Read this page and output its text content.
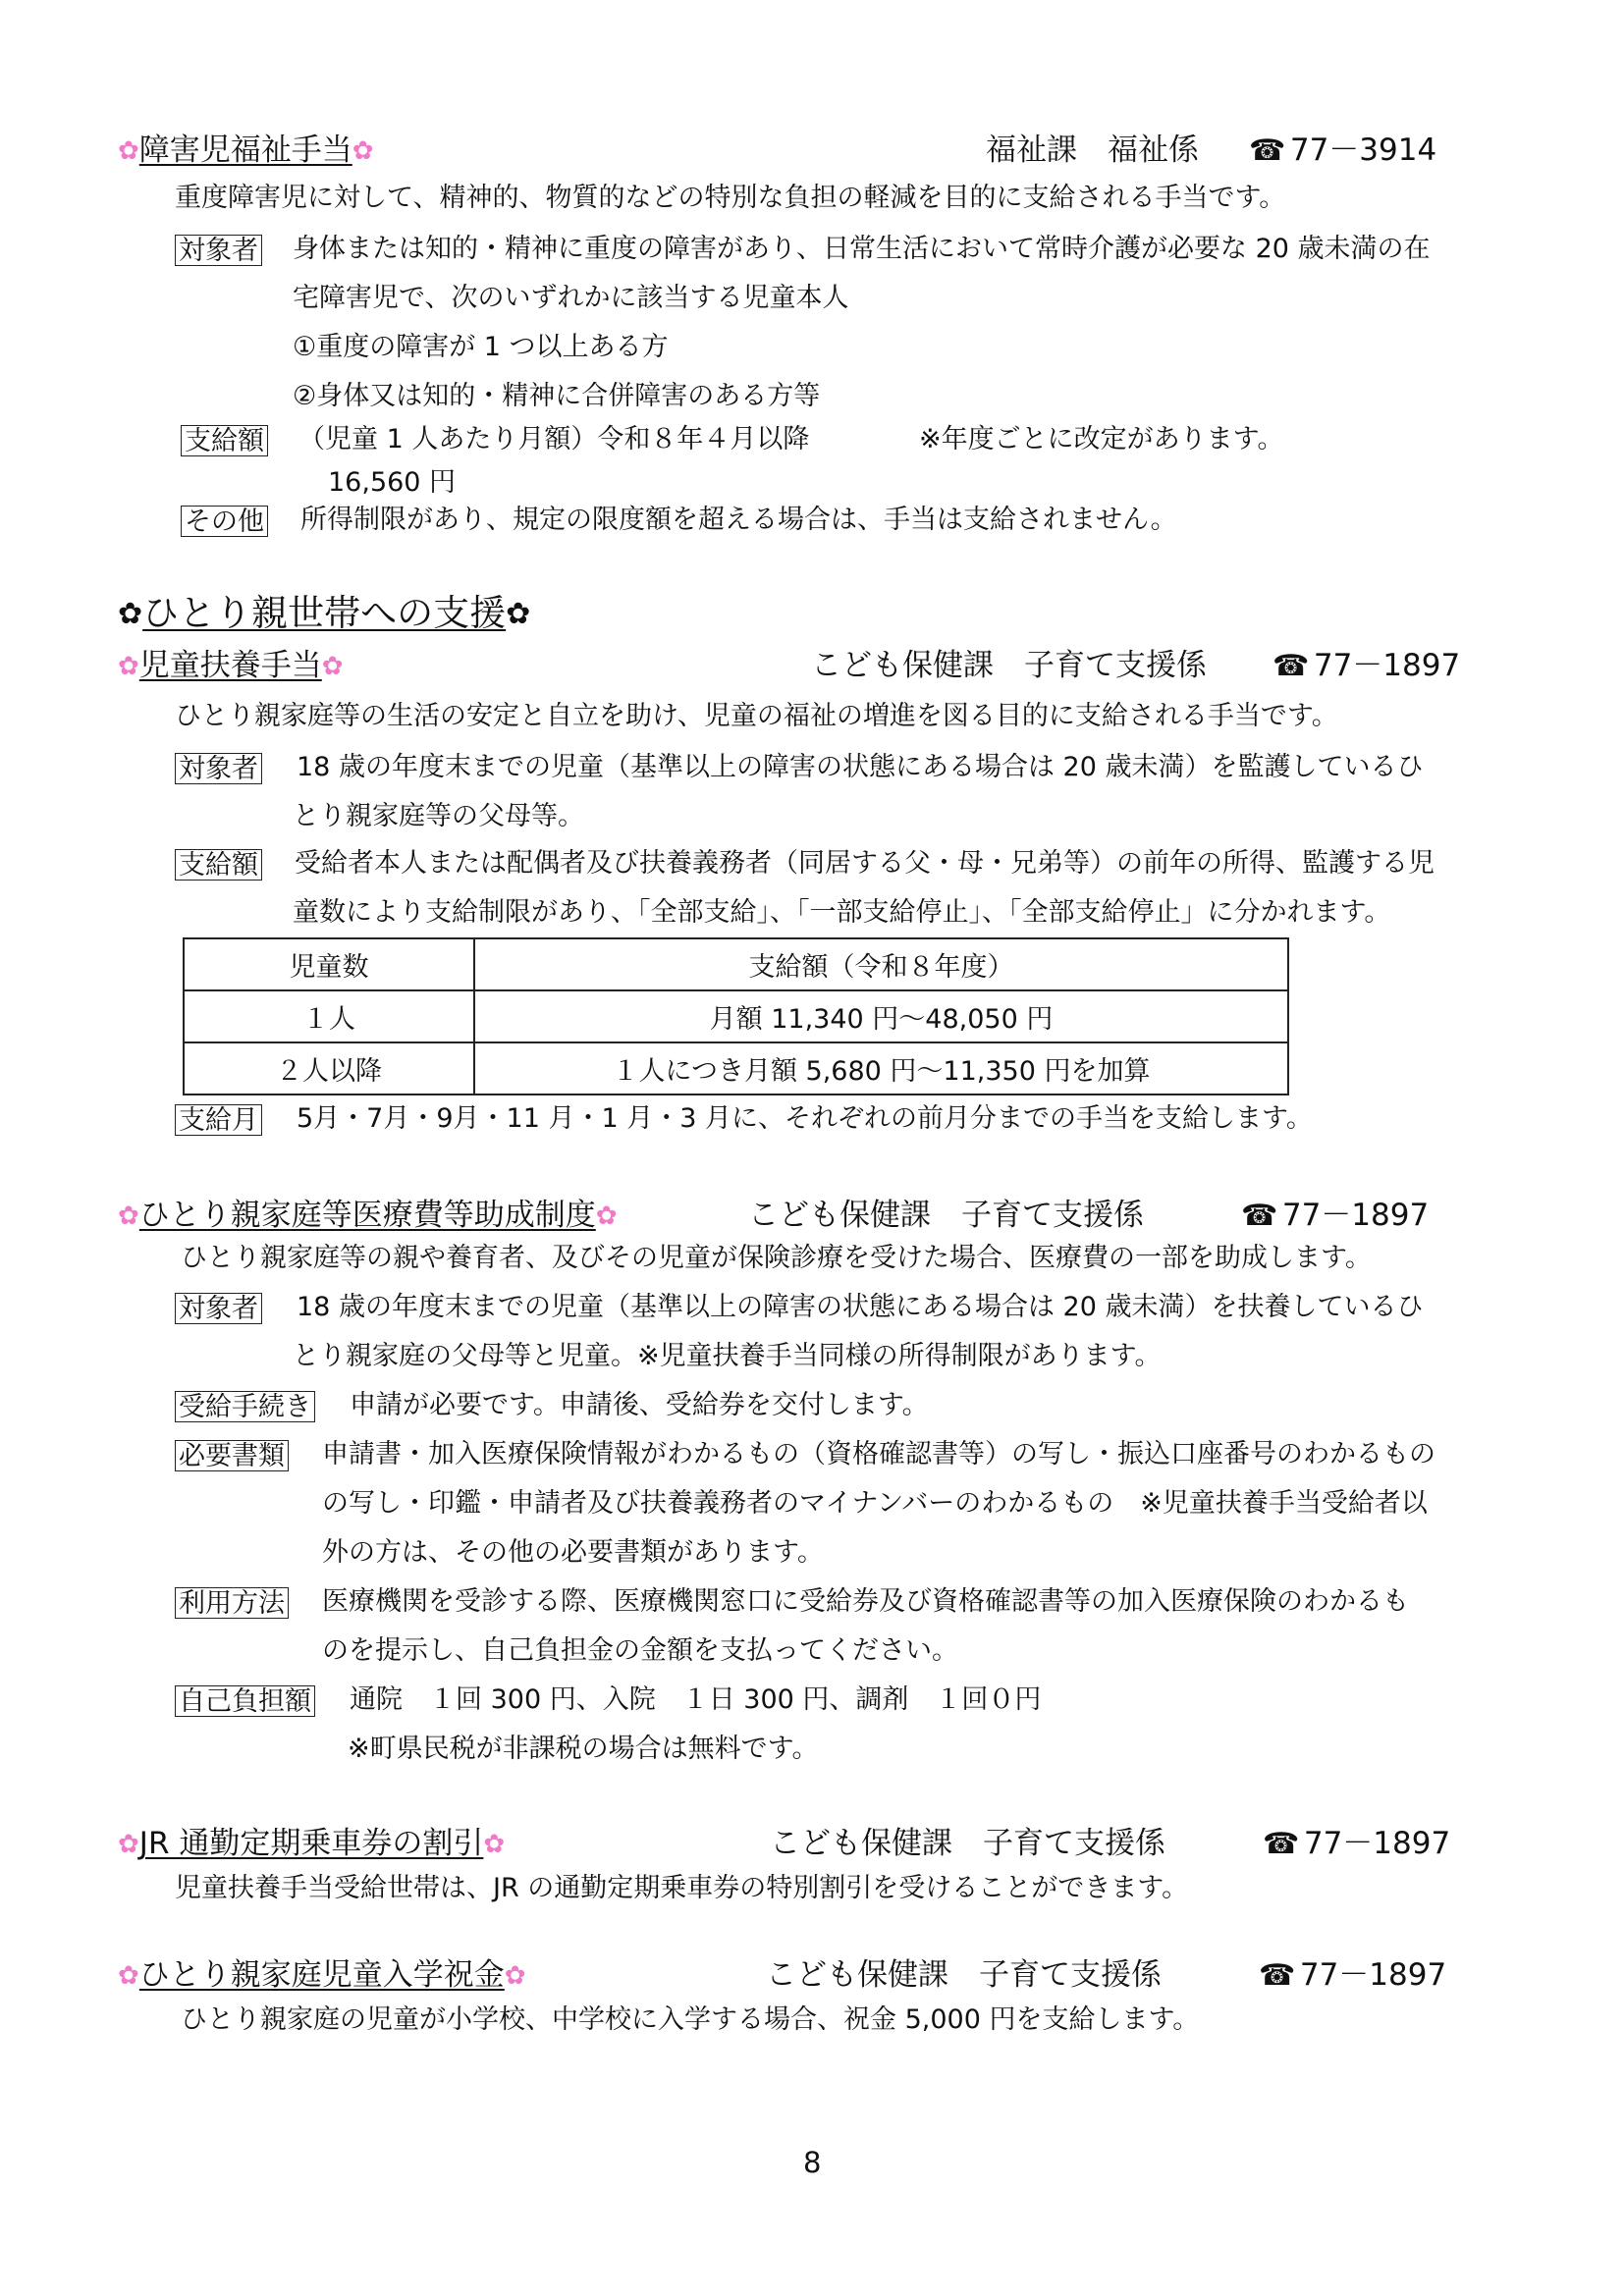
✿障害児福祉手当✿	福祉課　福祉係 ☎ 77－3914
重度障害児に対して、精神的、物質的などの特別な負担の軽減を目的に支給される手当です。
対象者 身体または知的・精神に重度の障害があり、日常生活において常時介護が必要な 20 歳未満の在
宅障害児で、次のいずれかに該当する児童本人
①重度の障害が 1 つ以上ある方
②身体又は知的・精神に合併障害のある方等
支給額 （児童 1 人あたり月額）令和８年４月以降	※年度ごとに改定があります。
16,560 円
その他 所得制限があり、規定の限度額を超える場合は、手当は支給されません。
✿ひとり親世帯への支援✿
✿児童扶養手当✿	こども保健課　子育て支援係 ☎ 77－1897
ひとり親家庭等の生活の安定と自立を助け、児童の福祉の増進を図る目的に支給される手当です。
対象者 18 歳の年度末までの児童（基準以上の障害の状態にある場合は 20 歳未満）を監護しているひ
とり親家庭等の父母等。
支給額 受給者本人または配偶者及び扶養義務者（同居する父・母・兄弟等）の前年の所得、監護する児
童数により支給制限があり、「全部支給」、「一部支給停止」、「全部支給停止」に分かれます。
児童数	支給額（令和８年度）
１人	月額 11,340 円～48,050 円
２人以降	１人につき月額 5,680 円～11,350 円を加算
支給月 5月・7月・9月・11 月・1 月・3 月に、それぞれの前月分までの手当を支給します。
✿ひとり親家庭等医療費等助成制度✿	こども保健課　子育て支援係	☎ 77－1897
ひとり親家庭等の親や養育者、及びその児童が保険診療を受けた場合、医療費の一部を助成します。
対象者 18 歳の年度末までの児童（基準以上の障害の状態にある場合は 20 歳未満）を扶養しているひ
とり親家庭の父母等と児童。※児童扶養手当同様の所得制限があります。
受給手続き 申請が必要です。申請後、受給券を交付します。
必要書類 申請書・加入医療保険情報がわかるもの（資格確認書等）の写し・振込口座番号のわかるもの
の写し・印鑑・申請者及び扶養義務者のマイナンバーのわかるもの　※児童扶養手当受給者以
外の方は、その他の必要書類があります。
利用方法 医療機関を受診する際、医療機関窓口に受給券及び資格確認書等の加入医療保険のわかるも
のを提示し、自己負担金の金額を支払ってください。
自己負担額 通院　１回 300 円、入院　１日 300 円、調剤　１回０円
※町県民税が非課税の場合は無料です。
✿JR 通勤定期乗車券の割引✿	こども保健課　子育て支援係	☎ 77－1897
児童扶養手当受給世帯は、JR の通勤定期乗車券の特別割引を受けることができます。
✿ひとり親家庭児童入学祝金✿	こども保健課　子育て支援係	☎ 77－1897
ひとり親家庭の児童が小学校、中学校に入学する場合、祝金 5,000 円を支給します。
8
